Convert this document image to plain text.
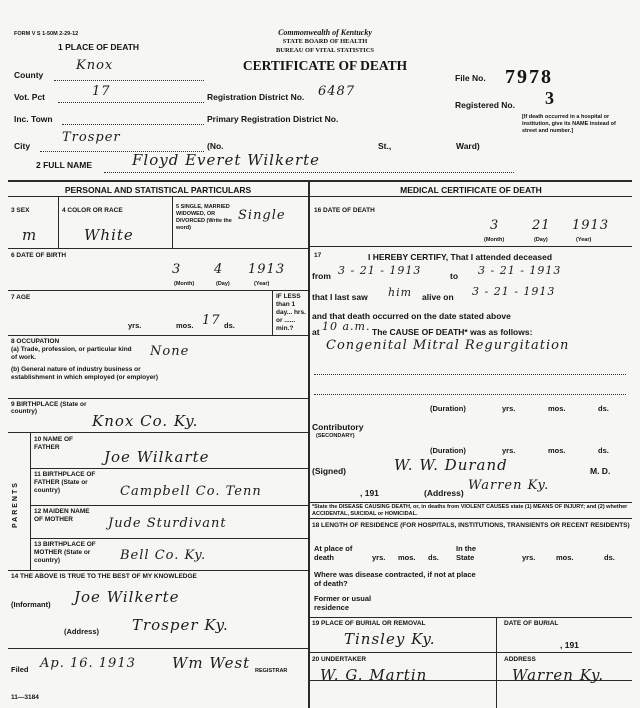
FORM V S 1-50M 2-29-12	Commonwealth of Kentucky
STATE BOARD OF HEALTH
BUREAU OF VITAL STATISTICS
CERTIFICATE OF DEATH
1 PLACE OF DEATH
County
Knox
Vot. Pct	17	Registration District No. 6487
Inc. Town	Primary Registration District No.
City
Trosper
(No.	St.,	Ward)
File No. 7978
Registered No. 3
[If death occurred in a hospital or institution, give its NAME instead of street and number.]
2 FULL NAME	Floyd Everet Wilkerte
PERSONAL AND STATISTICAL PARTICULARS
3 SEX
m
4 COLOR OR RACE
White
5 SINGLE, MARRIED WIDOWED, OR DIVORCED (Write the word)
Single
6 DATE OF BIRTH
3	4 1913
(Month)	(Day)	(Year)
7 AGE
yrs.	mos. 17 ds.
IF LESS than 1 day... hrs. or ...... min.?
8 OCCUPATION
(a) Trade, profession, or particular kind of work.	None
(b) General nature of industry business or establishment in which employed (or employer)
9 BIRTHPLACE (State or country)
Knox Co. Ky.
PARENTS
10 NAME OF FATHER
Joe Wilkarte
11 BIRTHPLACE OF FATHER (State or country)	Campbell Co. Tenn
12 MAIDEN NAME OF MOTHER	Jude Sturdivant
13 BIRTHPLACE OF MOTHER (State or country)	Bell Co. Ky.
14 THE ABOVE IS TRUE TO THE BEST OF MY KNOWLEDGE
(Informant) Joe Wilkerte
(Address) Trosper Ky.
Filed Ap. 16. 1913 Wm West REGISTRAR
11—3184
MEDICAL CERTIFICATE OF DEATH
16 DATE OF DEATH
3	21 1913
(Month)	(Day)	(Year)
17	I HEREBY CERTIFY, That I attended deceased
from 3 - 21 - 1913	to 3 - 21 - 1913
that I last saw him alive on 3 - 21 - 1913
and that death occurred on the date stated above
at 10 a.m. The CAUSE OF DEATH* was as follows:
Congenital Mitral Regurgitation
(Duration)	yrs.	mos.	ds.
Contributory
(SECONDARY)
(Duration)	yrs.	mos.	ds.
(Signed)	W. W. Durand	M. D.
, 191	(Address) Warren Ky.
*State the DISEASE CAUSING DEATH, or, in deaths from VIOLENT CAUSES state (1) MEANS OF INJURY; and (2) whether ACCIDENTAL, SUICIDAL or HOMICIDAL.
18 LENGTH OF RESIDENCE (FOR HOSPITALS, INSTITUTIONS, TRANSIENTS OR RECENT RESIDENTS)
At place of death	yrs. mos. ds.
In the State	yrs.	mos.	ds.
Where was disease contracted, if not at place of death?
Former or usual residence
19 PLACE OF BURIAL OR REMOVAL
Tinsley Ky.
DATE OF BURIAL
, 191
20 UNDERTAKER
W. G. Martin
ADDRESS
Warren Ky.
